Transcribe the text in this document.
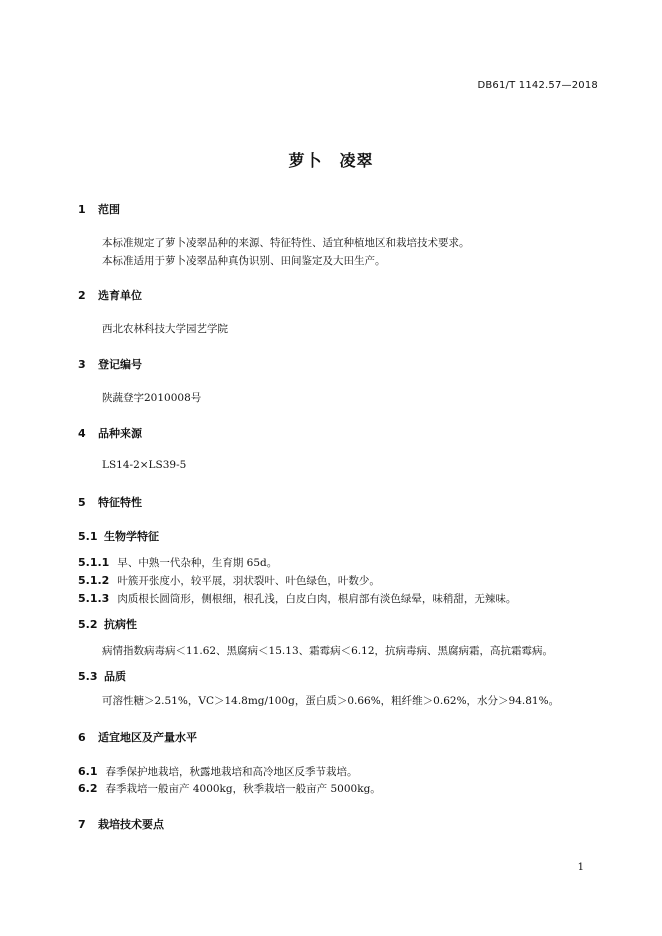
DB61/T 1142.57—2018
萝卜　凌翠
1 范围
本标准规定了萝卜凌翠品种的来源、特征特性、适宜种植地区和栽培技术要求。
本标准适用于萝卜凌翠品种真伪识别、田间鉴定及大田生产。
2 选育单位
西北农林科技大学园艺学院
3 登记编号
陕蔬登字2010008号
4 品种来源
LS14-2×LS39-5
5 特征特性
5.1 生物学特征
5.1.1 早、中熟一代杂种，生育期 65d。
5.1.2 叶簇开张度小，较平展，羽状裂叶、叶色绿色，叶数少。
5.1.3 肉质根长圆筒形，侧根细，根孔浅，白皮白肉，根肩部有淡色绿晕，味稍甜，无辣味。
5.2 抗病性
病情指数病毒病＜11.62、黑腐病＜15.13、霜霉病＜6.12，抗病毒病、黑腐病霜，高抗霜霉病。
5.3 品质
可溶性糖＞2.51%，VC＞14.8mg/100g，蛋白质＞0.66%，粗纤维＞0.62%，水分＞94.81%。
6 适宜地区及产量水平
6.1 春季保护地栽培，秋露地栽培和高冷地区反季节栽培。
6.2 春季栽培一般亩产 4000kg，秋季栽培一般亩产 5000kg。
7 栽培技术要点
1
